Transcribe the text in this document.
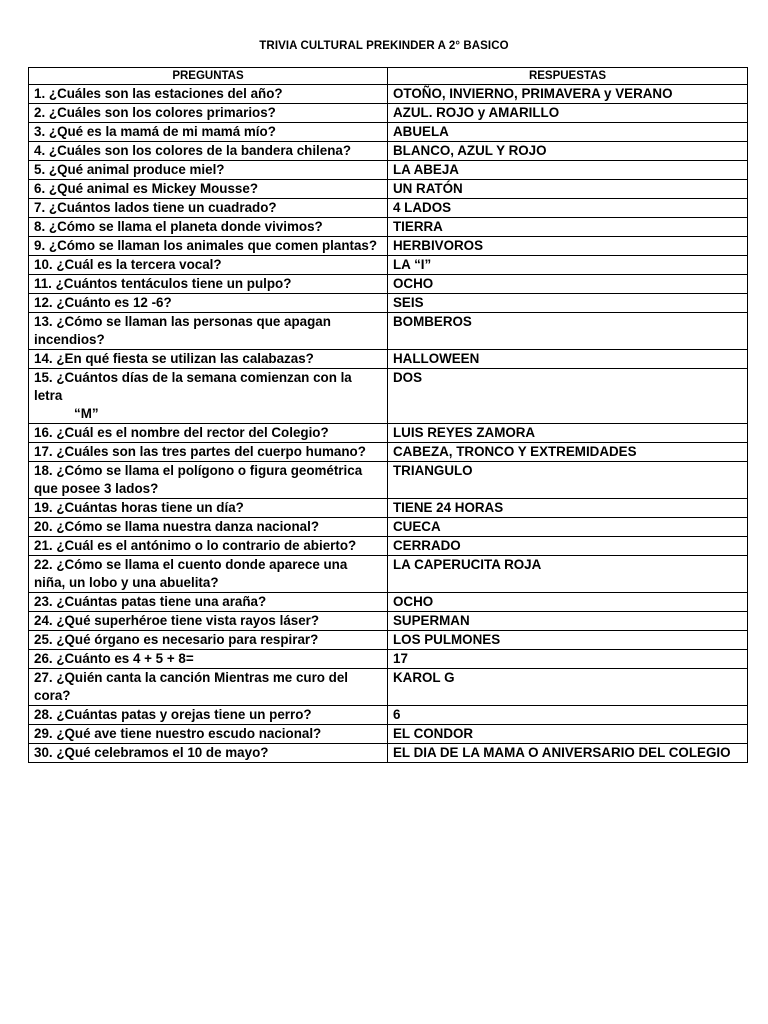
TRIVIA CULTURAL PREKINDER A 2° BASICO
PREGUNTAS	RESPUESTAS
1. ¿Cuáles son las estaciones del año?	OTOÑO, INVIERNO, PRIMAVERA y VERANO
2. ¿Cuáles son los colores primarios?	AZUL. ROJO y AMARILLO
3. ¿Qué es la mamá de mi mamá mío?	ABUELA
4. ¿Cuáles son los colores de la bandera chilena?	BLANCO, AZUL Y ROJO
5. ¿Qué animal produce miel?	LA ABEJA
6. ¿Qué animal es Mickey Mousse?	UN RATÓN
7. ¿Cuántos lados tiene un cuadrado?	4 LADOS
8. ¿Cómo se llama el planeta donde vivimos?	TIERRA
9. ¿Cómo se llaman los animales que comen plantas?	HERBIVOROS
10. ¿Cuál es la tercera vocal?	LA “I”
11. ¿Cuántos tentáculos tiene un pulpo?	OCHO
12. ¿Cuánto es 12 -6?	SEIS
13. ¿Cómo se llaman las personas que apagan incendios?	BOMBEROS
14. ¿En qué fiesta se utilizan las calabazas?	HALLOWEEN
15. ¿Cuántos días de la semana comienzan con la letra
“M”	DOS
16. ¿Cuál es el nombre del rector del Colegio?	LUIS REYES ZAMORA
17. ¿Cuáles son las tres partes del cuerpo humano?	CABEZA, TRONCO Y EXTREMIDADES
18. ¿Cómo se llama el polígono o figura geométrica que posee 3 lados?	TRIANGULO
19. ¿Cuántas horas tiene un día?	TIENE 24 HORAS
20. ¿Cómo se llama nuestra danza nacional?	CUECA
21. ¿Cuál es el antónimo o lo contrario de abierto?	CERRADO
22. ¿Cómo se llama el cuento donde aparece una niña, un lobo y una abuelita?	LA CAPERUCITA ROJA
23. ¿Cuántas patas tiene una araña?	OCHO
24. ¿Qué superhéroe tiene vista rayos láser?	SUPERMAN
25. ¿Qué órgano es necesario para respirar?	LOS PULMONES
26. ¿Cuánto es 4 + 5 + 8=	17
27. ¿Quién canta la canción Mientras me curo del cora?	KAROL G
28. ¿Cuántas patas y orejas tiene un perro?	6
29. ¿Qué ave tiene nuestro escudo nacional?	EL CONDOR
30. ¿Qué celebramos el 10 de mayo?	EL DIA DE LA MAMA O ANIVERSARIO DEL COLEGIO
